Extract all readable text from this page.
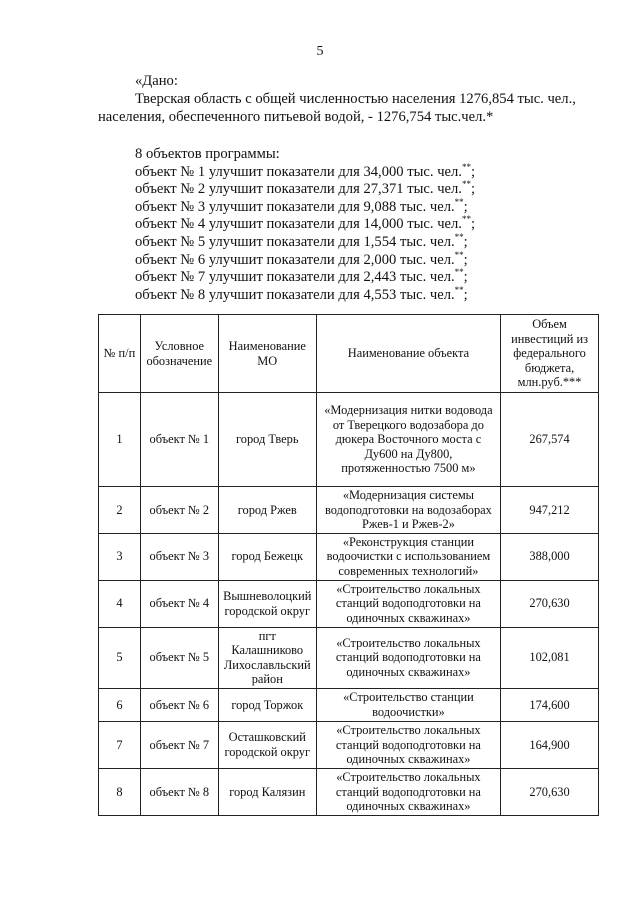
5
«Дано:
Тверская область с общей численностью населения 1276,854 тыс. чел.,
населения, обеспеченного питьевой водой, - 1276,754 тыс.чел.*
8 объектов программы:
объект № 1 улучшит показатели для 34,000 тыс. чел.**;
объект № 2 улучшит показатели для 27,371 тыс. чел.**;
объект № 3 улучшит показатели для 9,088 тыс. чел.**;
объект № 4 улучшит показатели для 14,000 тыс. чел.**;
объект № 5 улучшит показатели для 1,554 тыс. чел.**;
объект № 6 улучшит показатели для 2,000 тыс. чел.**;
объект № 7 улучшит показатели для 2,443 тыс. чел.**;
объект № 8 улучшит показатели для 4,553 тыс. чел.**;
№ п/п	Условное обозначение	Наименование МО	Наименование объекта	Объем инвестиций из федерального бюджета, млн.руб.***
1	объект № 1	город Тверь	«Модернизация нитки водовода от Тверецкого водозабора до дюкера Восточного моста с Ду600 на Ду800, протяженностью 7500 м»	267,574
2	объект № 2	город Ржев	«Модернизация системы водоподготовки на водозаборах Ржев-1 и Ржев-2»	947,212
3	объект № 3	город Бежецк	«Реконструкция станции водоочистки с использованием современных технологий»	388,000
4	объект № 4	Вышневолоцкий городской округ	«Строительство локальных станций водоподготовки на одиночных скважинах»	270,630
5	объект № 5	пгт Калашниково Лихославльский район	«Строительство локальных станций водоподготовки на одиночных скважинах»	102,081
6	объект № 6	город Торжок	«Строительство станции водоочистки»	174,600
7	объект № 7	Осташковский городской округ	«Строительство локальных станций водоподготовки на одиночных скважинах»	164,900
8	объект № 8	город Калязин	«Строительство локальных станций водоподготовки на одиночных скважинах»	270,630
